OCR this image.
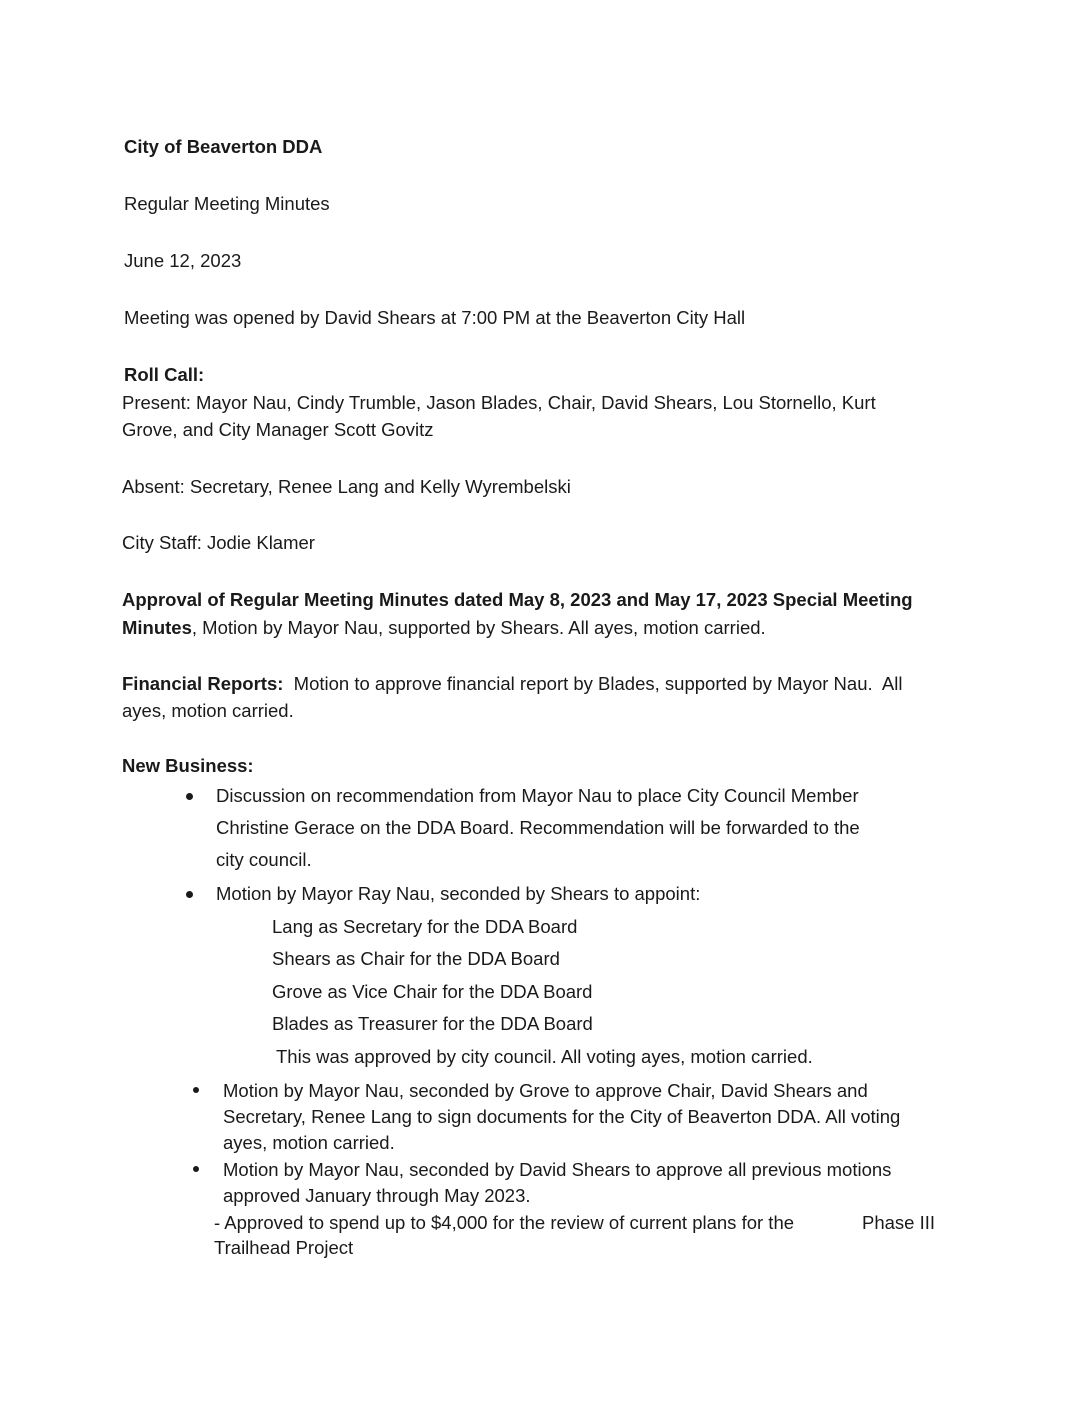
City of Beaverton DDA
Regular Meeting Minutes
June 12, 2023
Meeting was opened by David Shears at 7:00 PM at the Beaverton City Hall
Roll Call:
Present: Mayor Nau, Cindy Trumble, Jason Blades, Chair, David Shears, Lou Stornello, Kurt
Grove, and City Manager Scott Govitz
Absent: Secretary, Renee Lang and Kelly Wyrembelski
City Staff: Jodie Klamer
Approval of Regular Meeting Minutes dated May 8, 2023 and May 17, 2023 Special Meeting
Minutes, Motion by Mayor Nau, supported by Shears. All ayes, motion carried.
Financial Reports:  Motion to approve financial report by Blades, supported by Mayor Nau.  All
ayes, motion carried.
New Business:
Discussion on recommendation from Mayor Nau to place City Council Member
Christine Gerace on the DDA Board. Recommendation will be forwarded to the
city council.
Motion by Mayor Ray Nau, seconded by Shears to appoint:
Lang as Secretary for the DDA Board
Shears as Chair for the DDA Board
Grove as Vice Chair for the DDA Board
Blades as Treasurer for the DDA Board
This was approved by city council. All voting ayes, motion carried.
Motion by Mayor Nau, seconded by Grove to approve Chair, David Shears and
Secretary, Renee Lang to sign documents for the City of Beaverton DDA. All voting
ayes, motion carried.
Motion by Mayor Nau, seconded by David Shears to approve all previous motions
approved January through May 2023.
- Approved to spend up to $4,000 for the review of current plans for the	Phase III
Trailhead Project
